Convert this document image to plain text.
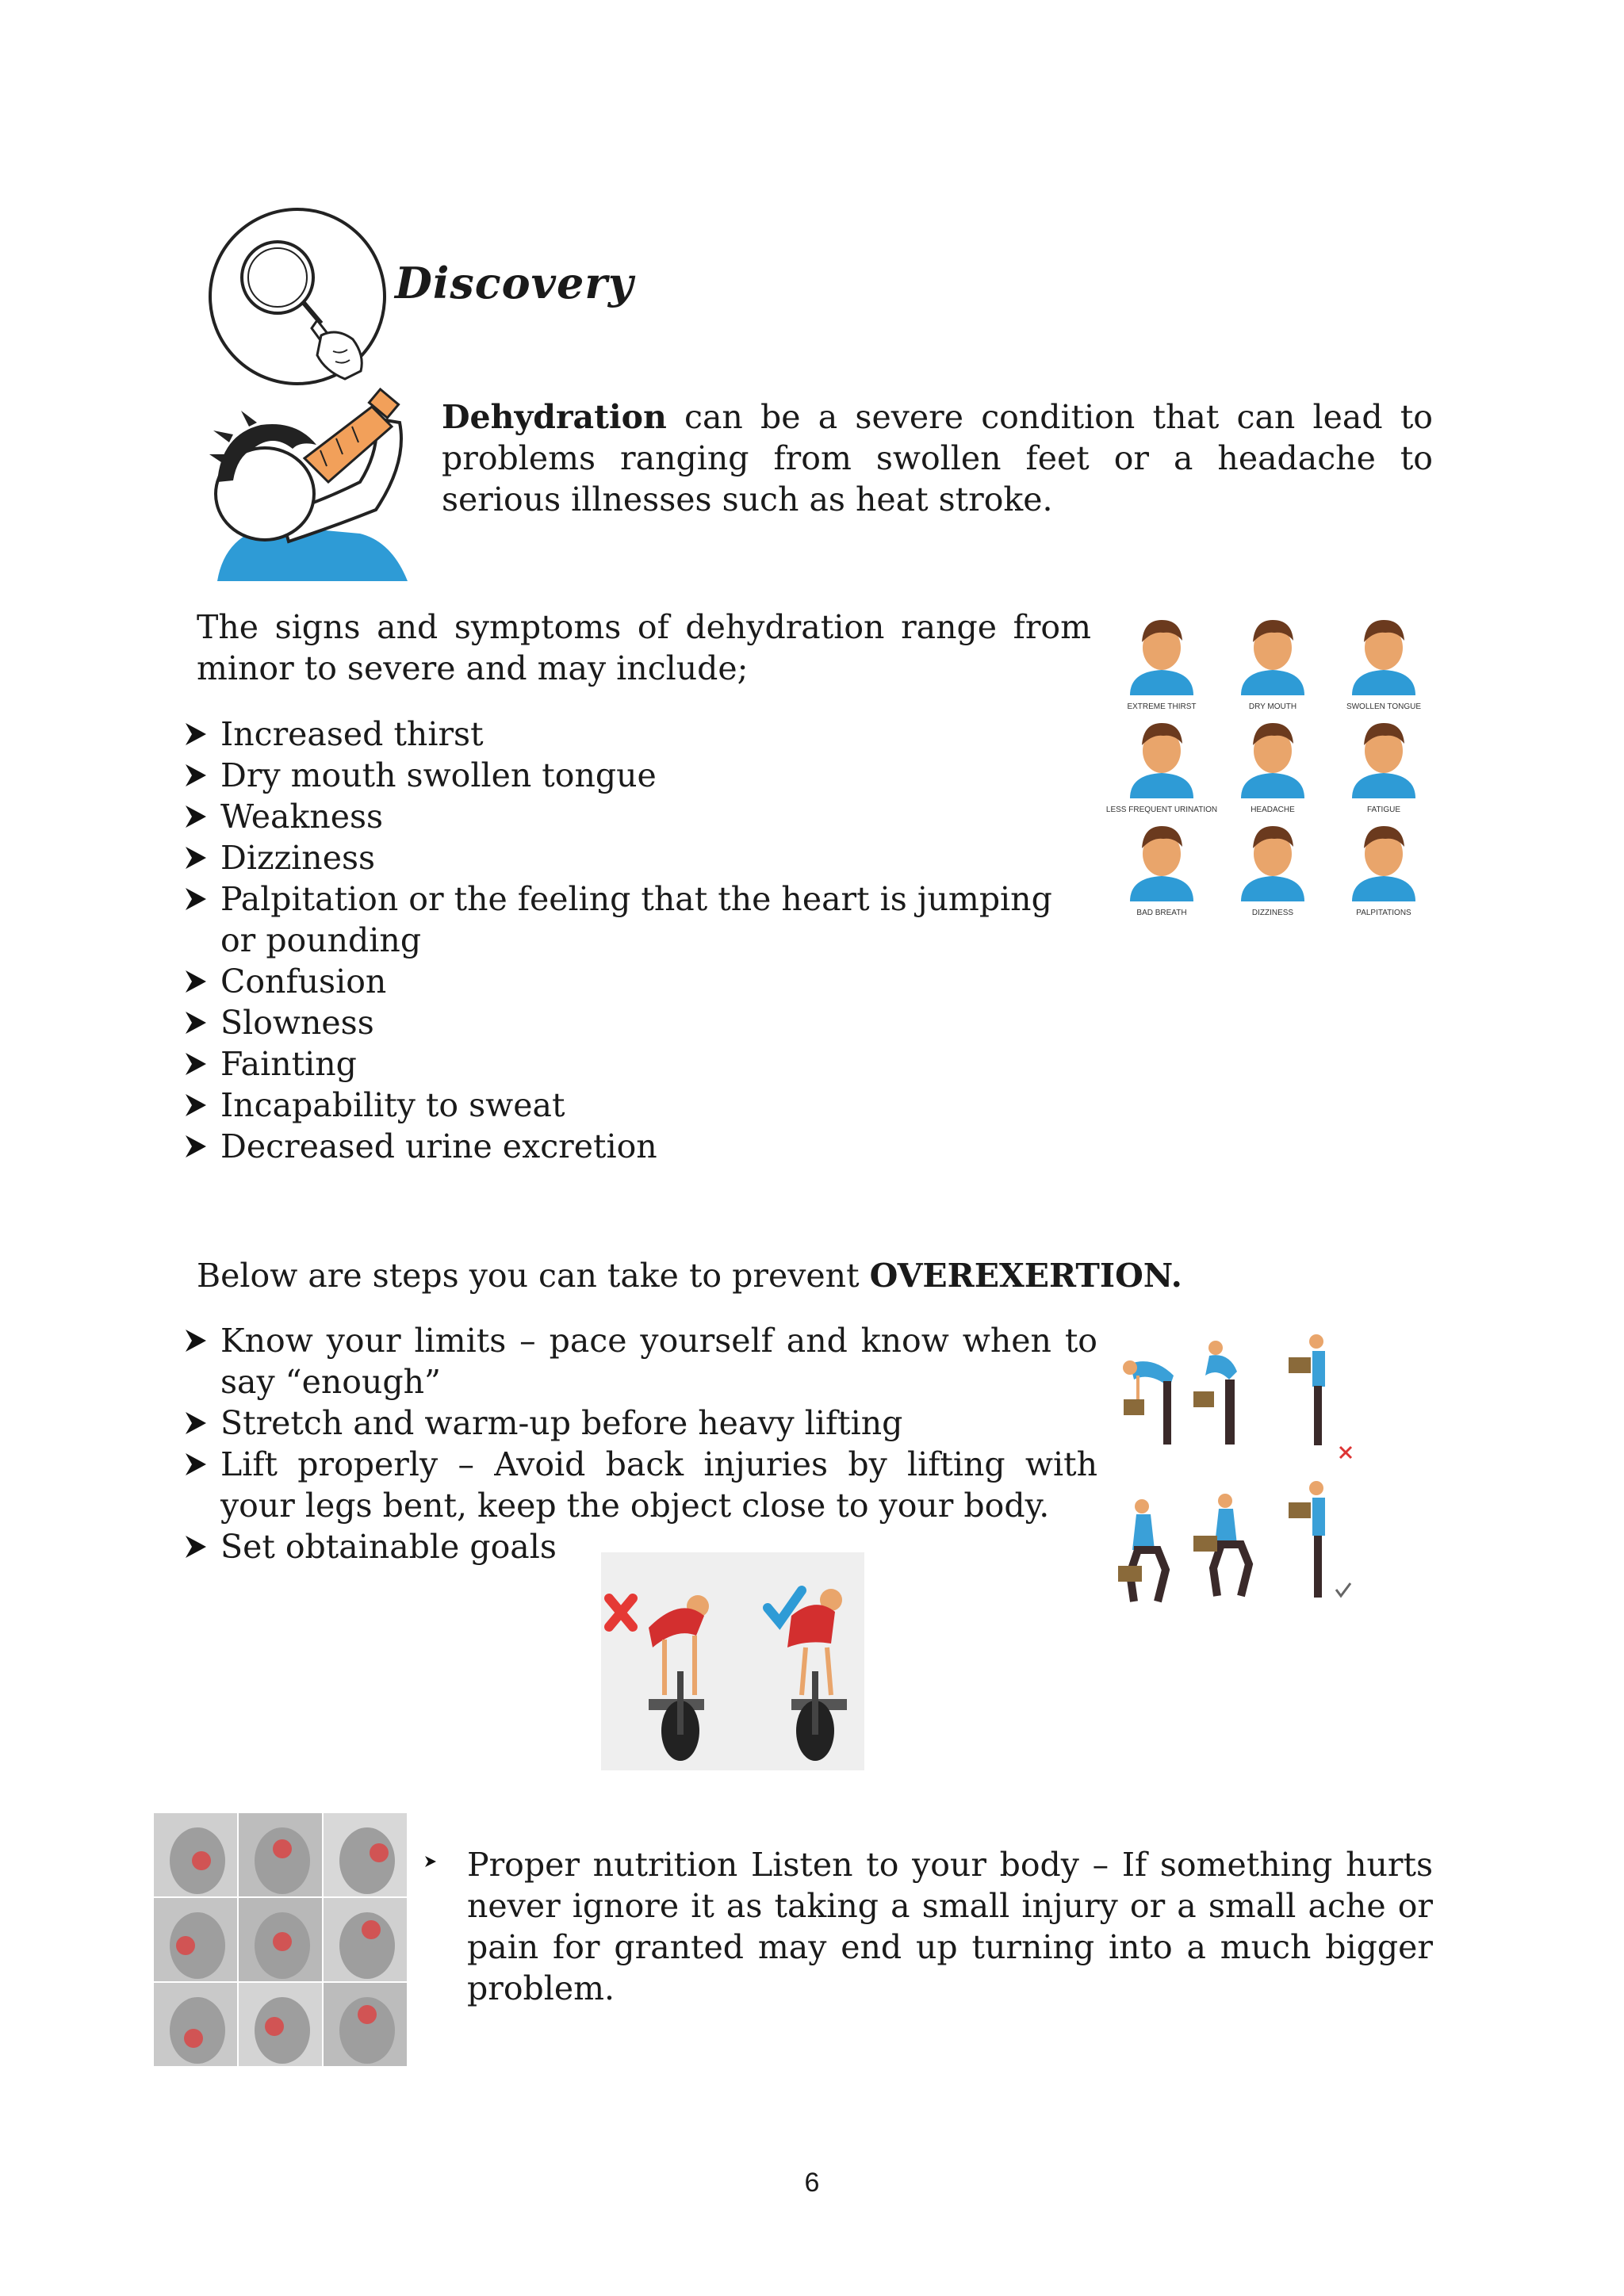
Discovery
Dehydration can be a severe condition that can lead to problems ranging from swollen feet or a headache to serious illnesses such as heat stroke.
The signs and symptoms of dehydration range from minor to severe and may include;
Increased thirst
Dry mouth swollen tongue
Weakness
Dizziness
Palpitation or the feeling that the heart is jumping or pounding
Confusion
Slowness
Fainting
Incapability to sweat
Decreased urine excretion
EXTREME THIRST	DRY MOUTH	SWOLLEN TONGUE
LESS FREQUENT URINATION	HEADACHE	FATIGUE
BAD BREATH	DIZZINESS	PALPITATIONS
Below are steps you can take to prevent OVEREXERTION.
Know your limits – pace yourself and know when to say “enough”
Stretch and warm-up before heavy lifting
Lift properly – Avoid back injuries by lifting with your legs bent, keep the object close to your body.
Set obtainable goals

Proper nutrition Listen to your body – If something hurts never ignore it as taking a small injury or a small ache or pain for granted may end up turning into a much bigger problem.

6
